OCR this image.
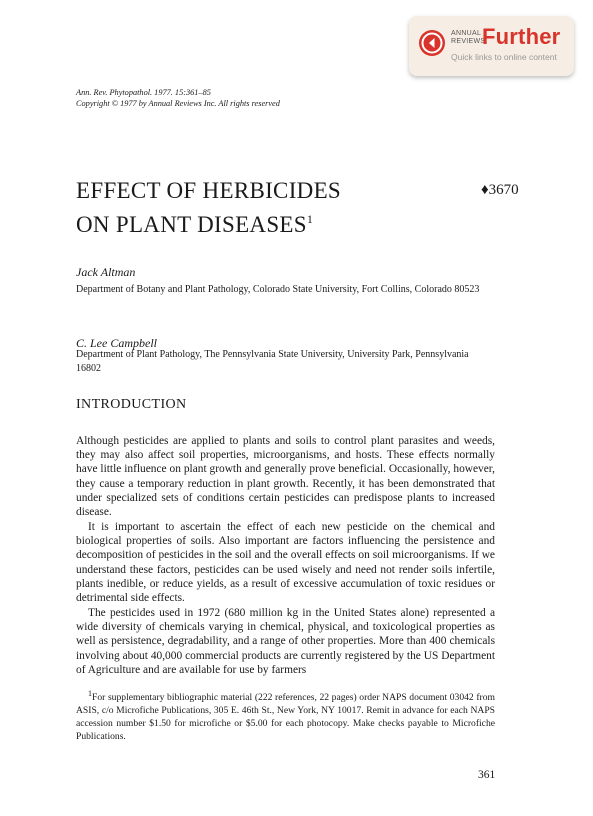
ANNUAL
REVIEWS
Further
Quick links to online content
Ann. Rev. Phytopathol. 1977. 15:361–85
Copyright © 1977 by Annual Reviews Inc. All rights reserved
EFFECT OF HERBICIDES
ON PLANT DISEASES$^1$
♦3670
Jack Altman
Department of Botany and Plant Pathology, Colorado State University, Fort Collins, Colorado 80523
C. Lee Campbell
Department of Plant Pathology, The Pennsylvania State University, University Park, Pennsylvania 16802
INTRODUCTION

Although pesticides are applied to plants and soils to control plant parasites and weeds, they may also affect soil properties, microorganisms, and hosts. These effects normally have little influence on plant growth and generally prove beneficial. Occasionally, however, they cause a temporary reduction in plant growth. Recently, it has been demonstrated that under specialized sets of conditions certain pesticides can predispose plants to increased disease.

It is important to ascertain the effect of each new pesticide on the chemical and biological properties of soils. Also important are factors influencing the persistence and decomposition of pesticides in the soil and the overall effects on soil microorganisms. If we understand these factors, pesticides can be used wisely and need not render soils infertile, plants inedible, or reduce yields, as a result of excessive accumulation of toxic residues or detrimental side effects.

The pesticides used in 1972 (680 million kg in the United States alone) represented a wide diversity of chemicals varying in chemical, physical, and toxicological properties as well as persistence, degradability, and a range of other properties. More than 400 chemicals involving about 40,000 commercial products are currently registered by the US Department of Agriculture and are available for use by farmers

$^1$For supplementary bibliographic material (222 references, 22 pages) order NAPS document 03042 from ASIS, c/o Microfiche Publications, 305 E. 46th St., New York, NY 10017. Remit in advance for each NAPS accession number $1.50 for microfiche or $5.00 for each photocopy. Make checks payable to Microfiche Publications.

361
